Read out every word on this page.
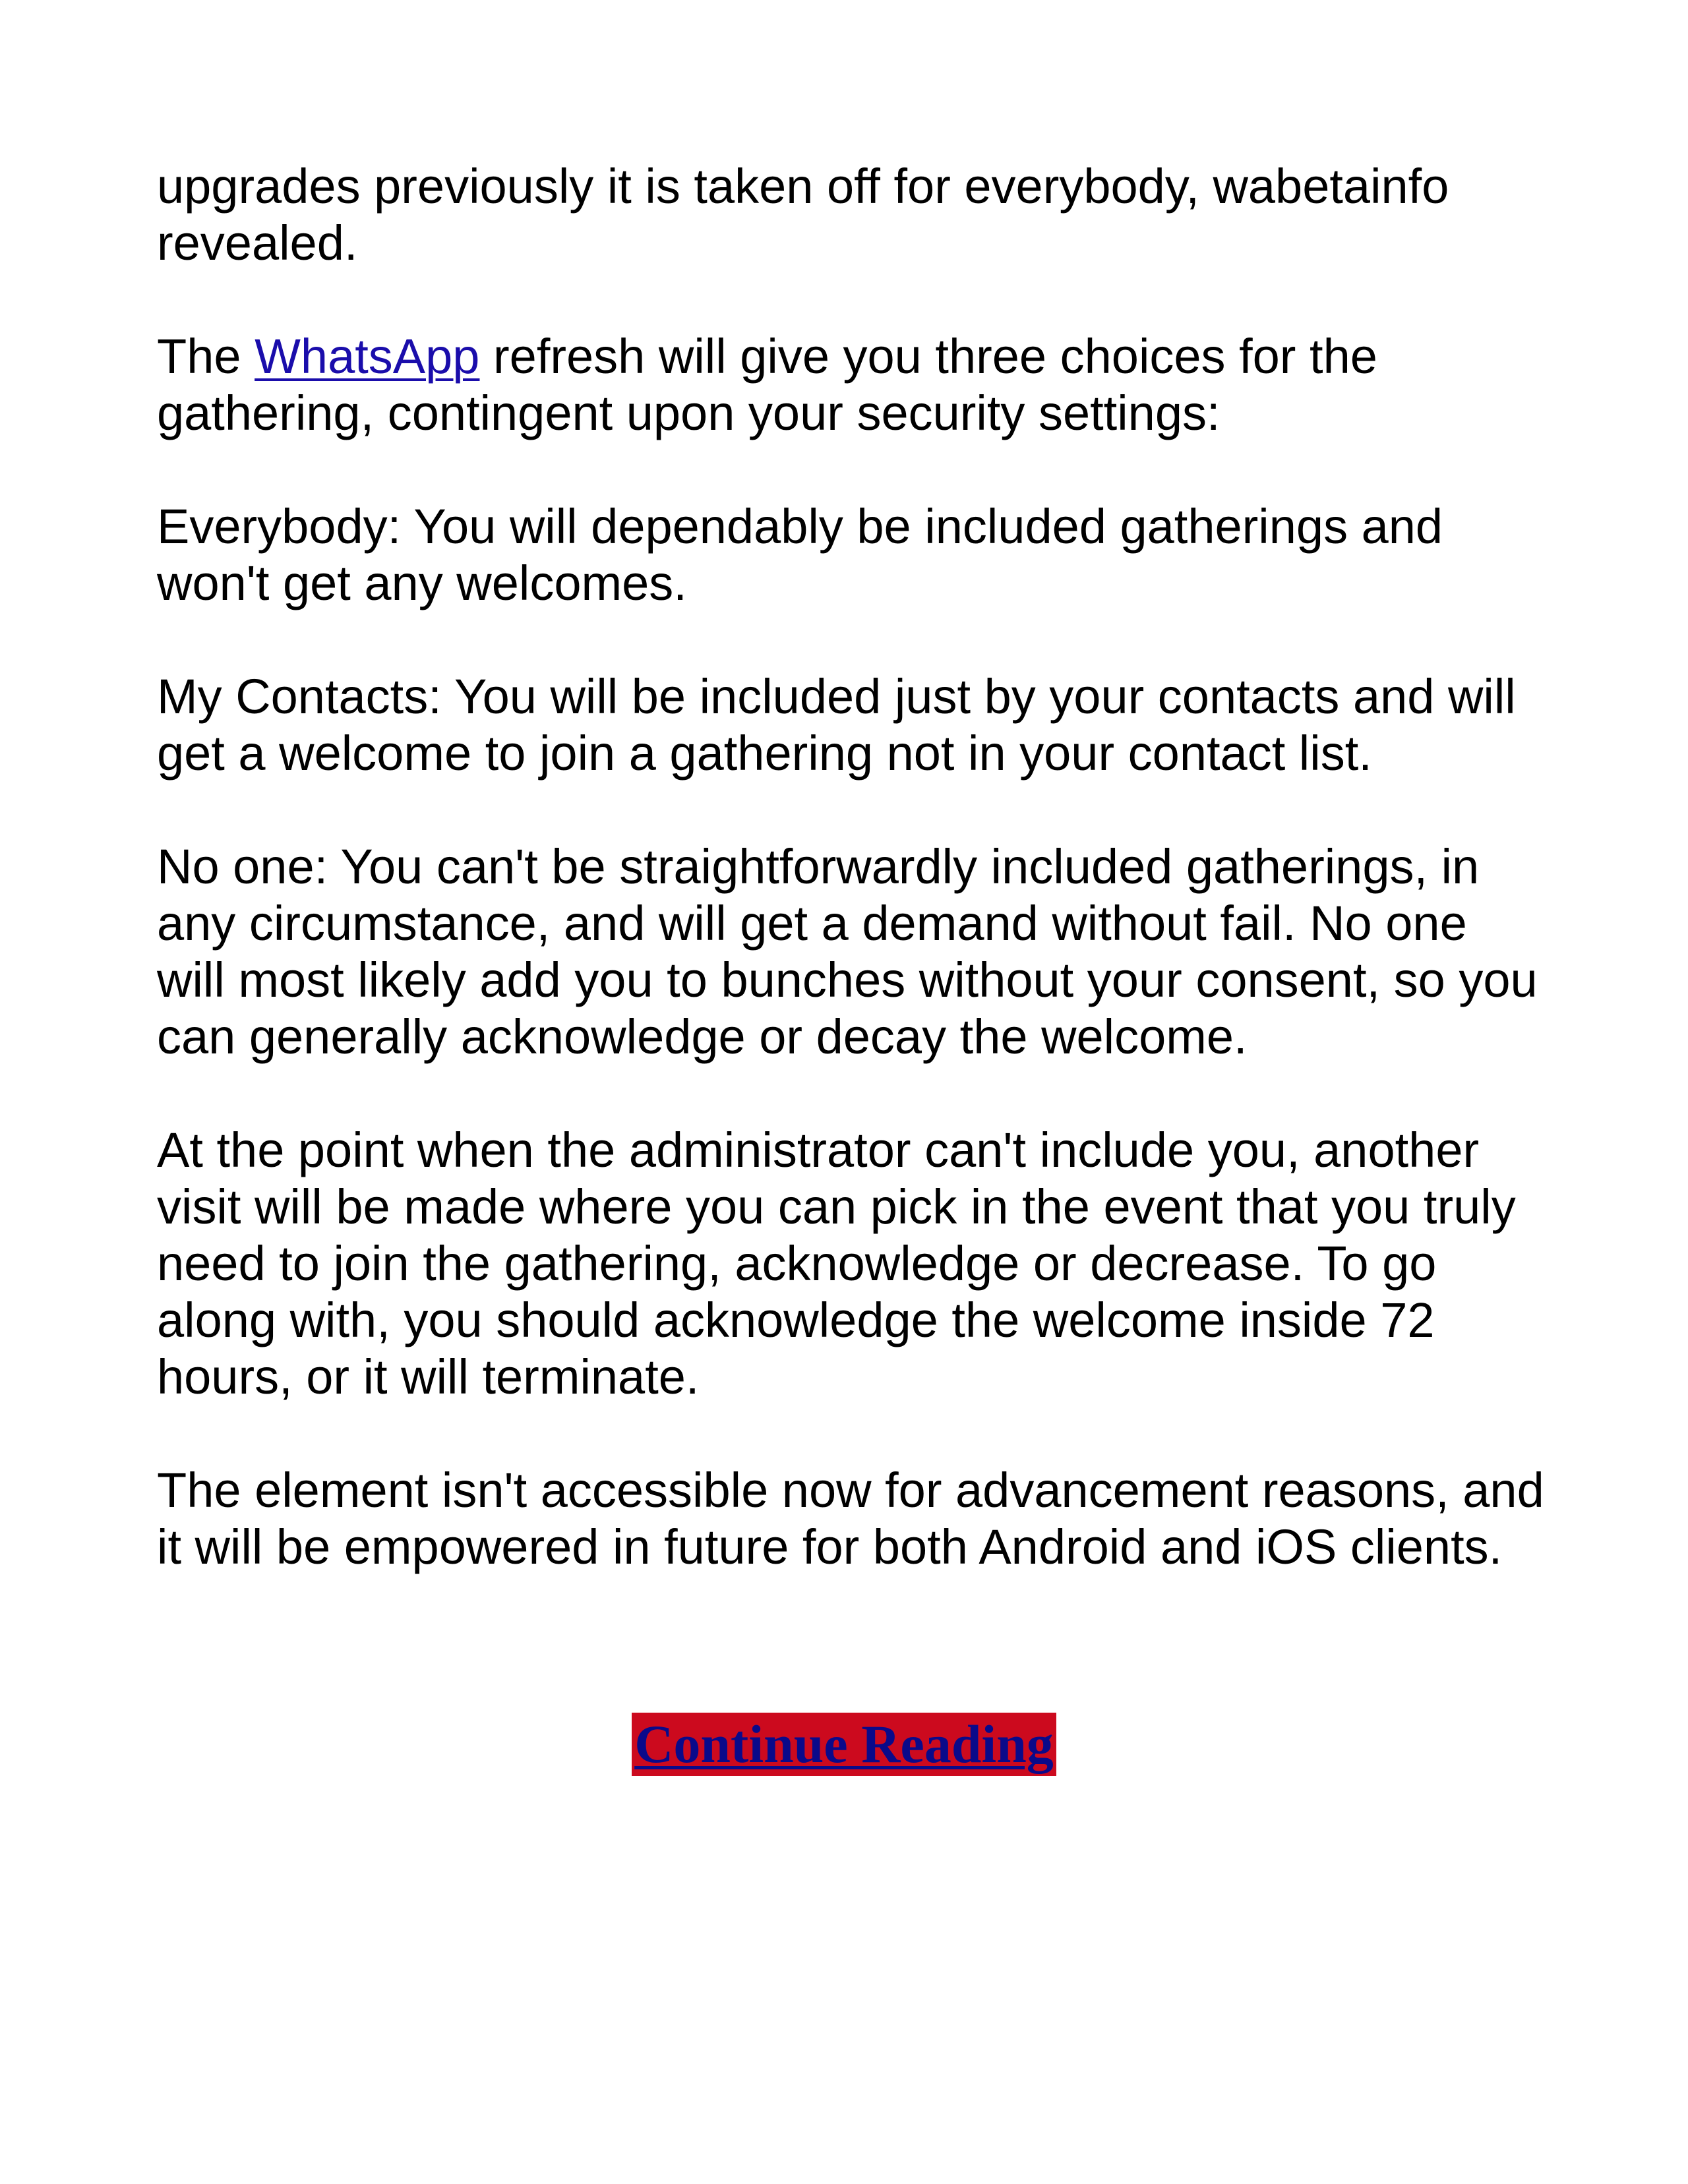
upgrades previously it is taken off for everybody, wabetainfo revealed.

The WhatsApp refresh will give you three choices for the gathering, contingent upon your security settings:

Everybody: You will dependably be included gatherings and won't get any welcomes.

My Contacts: You will be included just by your contacts and will get a welcome to join a gathering not in your contact list.

No one: You can't be straightforwardly included gatherings, in any circumstance, and will get a demand without fail. No one will most likely add you to bunches without your consent, so you can generally acknowledge or decay the welcome.

At the point when the administrator can't include you, another visit will be made where you can pick in the event that you truly need to join the gathering, acknowledge or decrease. To go along with, you should acknowledge the welcome inside 72 hours, or it will terminate.

The element isn't accessible now for advancement reasons, and it will be empowered in future for both Android and iOS clients.

Continue Reading
